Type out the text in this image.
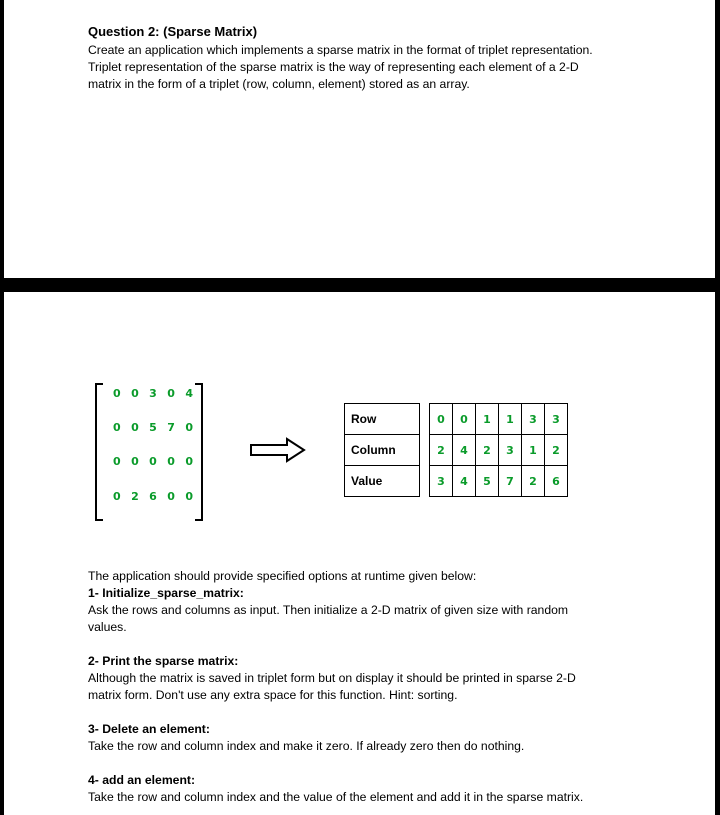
Question 2: (Sparse Matrix)
Create an application which implements a sparse matrix in the format of triplet representation.
Triplet representation of the sparse matrix is the way of representing each element of a 2-D
matrix in the form of a triplet (row, column, element) stored as an array.
0 0 3 0 4
0 0 5 7 0
0 0 0 0 0
0 2 6 0 0
Row		0	0	1	1	3	3
Column		2	4	2	3	1	2
Value		3	4	5	7	2	6
The application should provide specified options at runtime given below:
1- Initialize_sparse_matrix:
Ask the rows and columns as input. Then initialize a 2-D matrix of given size with random
values.
2- Print the sparse matrix:
Although the matrix is saved in triplet form but on display it should be printed in sparse 2-D
matrix form. Don't use any extra space for this function. Hint: sorting.
3- Delete an element:
Take the row and column index and make it zero. If already zero then do nothing.
4- add an element:
Take the row and column index and the value of the element and add it in the sparse matrix.
